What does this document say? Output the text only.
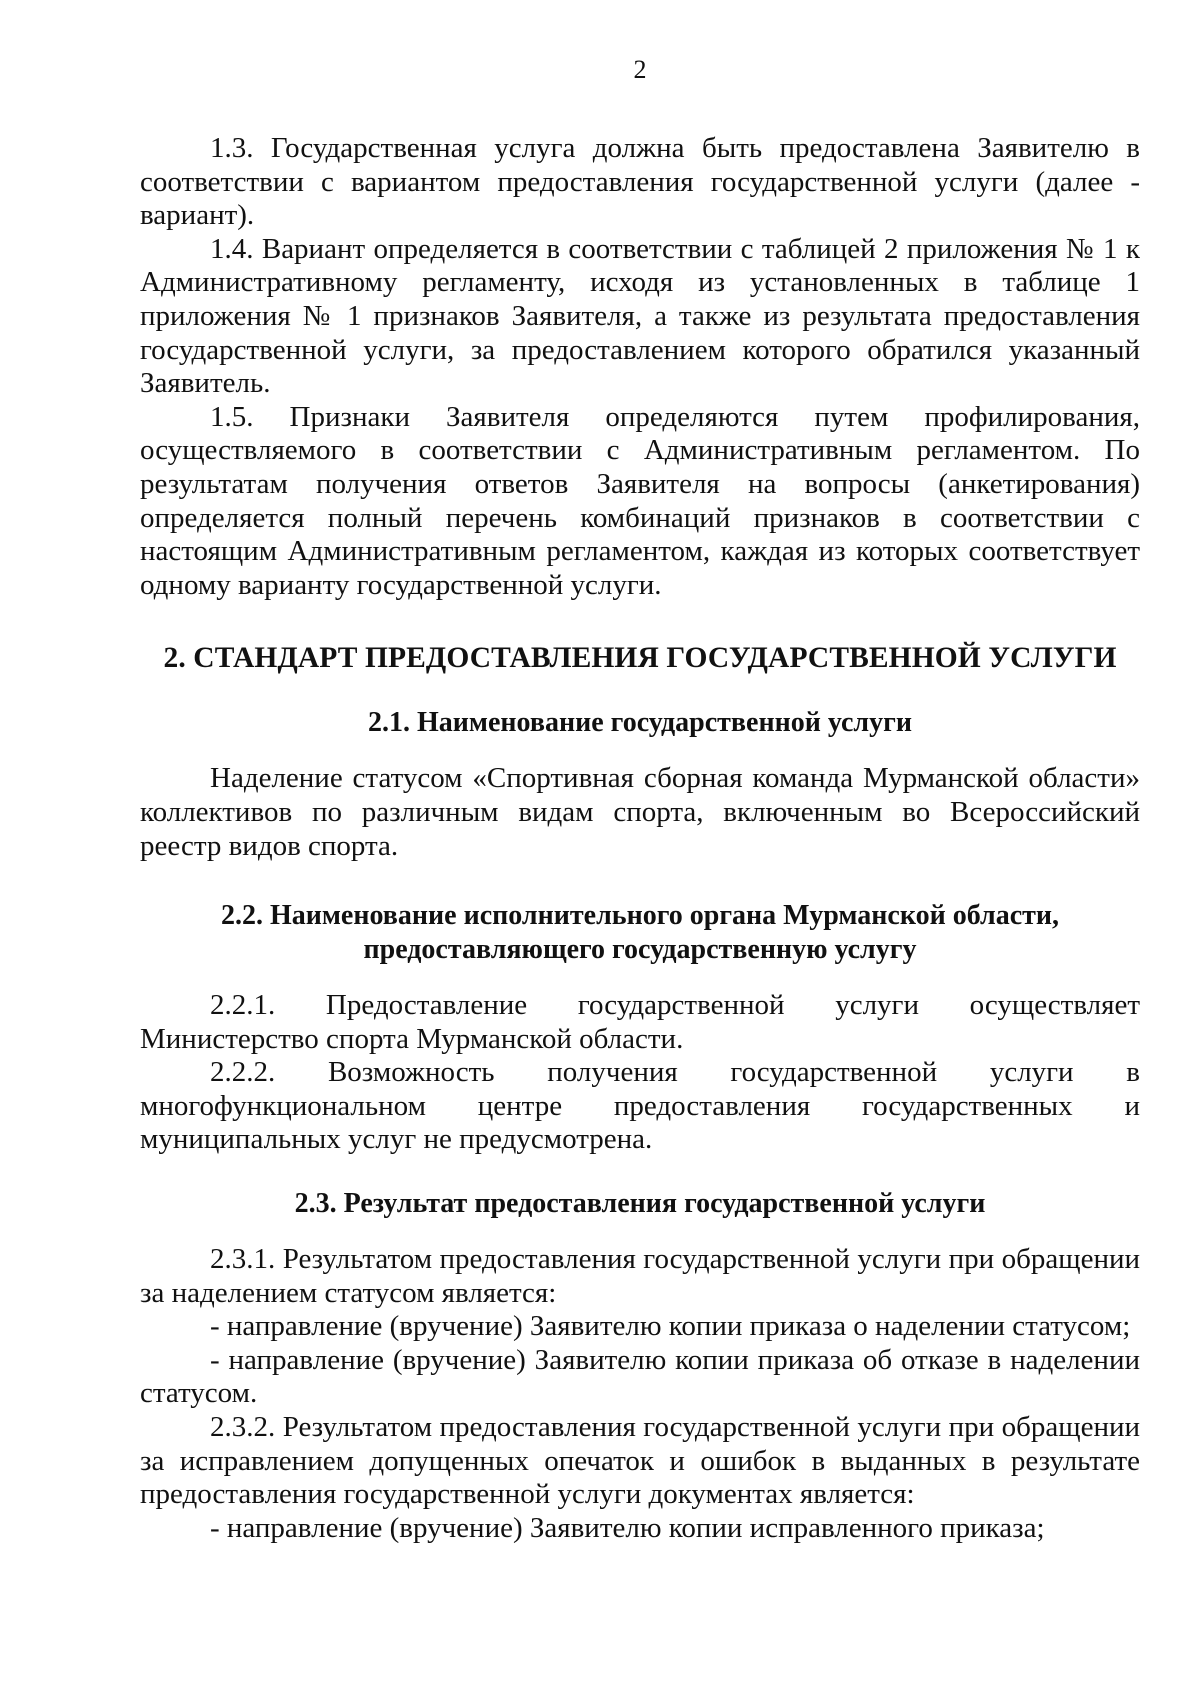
2

1.3. Государственная услуга должна быть предоставлена Заявителю в соответствии с вариантом предоставления государственной услуги (далее - вариант).

1.4. Вариант определяется в соответствии с таблицей 2 приложения № 1 к Административному регламенту, исходя из установленных в таблице 1 приложения № 1 признаков Заявителя, а также из результата предоставления государственной услуги, за предоставлением которого обратился указанный Заявитель.

1.5. Признаки Заявителя определяются путем профилирования, осуществляемого в соответствии с Административным регламентом. По результатам получения ответов Заявителя на вопросы (анкетирования) определяется полный перечень комбинаций признаков в соответствии с настоящим Административным регламентом, каждая из которых соответствует одному варианту государственной услуги.

2. СТАНДАРТ ПРЕДОСТАВЛЕНИЯ ГОСУДАРСТВЕННОЙ УСЛУГИ
2.1. Наименование государственной услуги

Наделение статусом «Спортивная сборная команда Мурманской области» коллективов по различным видам спорта, включенным во Всероссийский реестр видов спорта.

2.2. Наименование исполнительного органа Мурманской области,
предоставляющего государственную услугу

2.2.1. Предоставление государственной услуги осуществляет Министерство спорта Мурманской области.

2.2.2. Возможность получения государственной услуги в многофункциональном центре предоставления государственных и муниципальных услуг не предусмотрена.

2.3. Результат предоставления государственной услуги

2.3.1. Результатом предоставления государственной услуги при обращении за наделением статусом является:

- направление (вручение) Заявителю копии приказа о наделении статусом;

- направление (вручение) Заявителю копии приказа об отказе в наделении статусом.

2.3.2. Результатом предоставления государственной услуги при обращении за исправлением допущенных опечаток и ошибок в выданных в результате предоставления государственной услуги документах является:

- направление (вручение) Заявителю копии исправленного приказа;
